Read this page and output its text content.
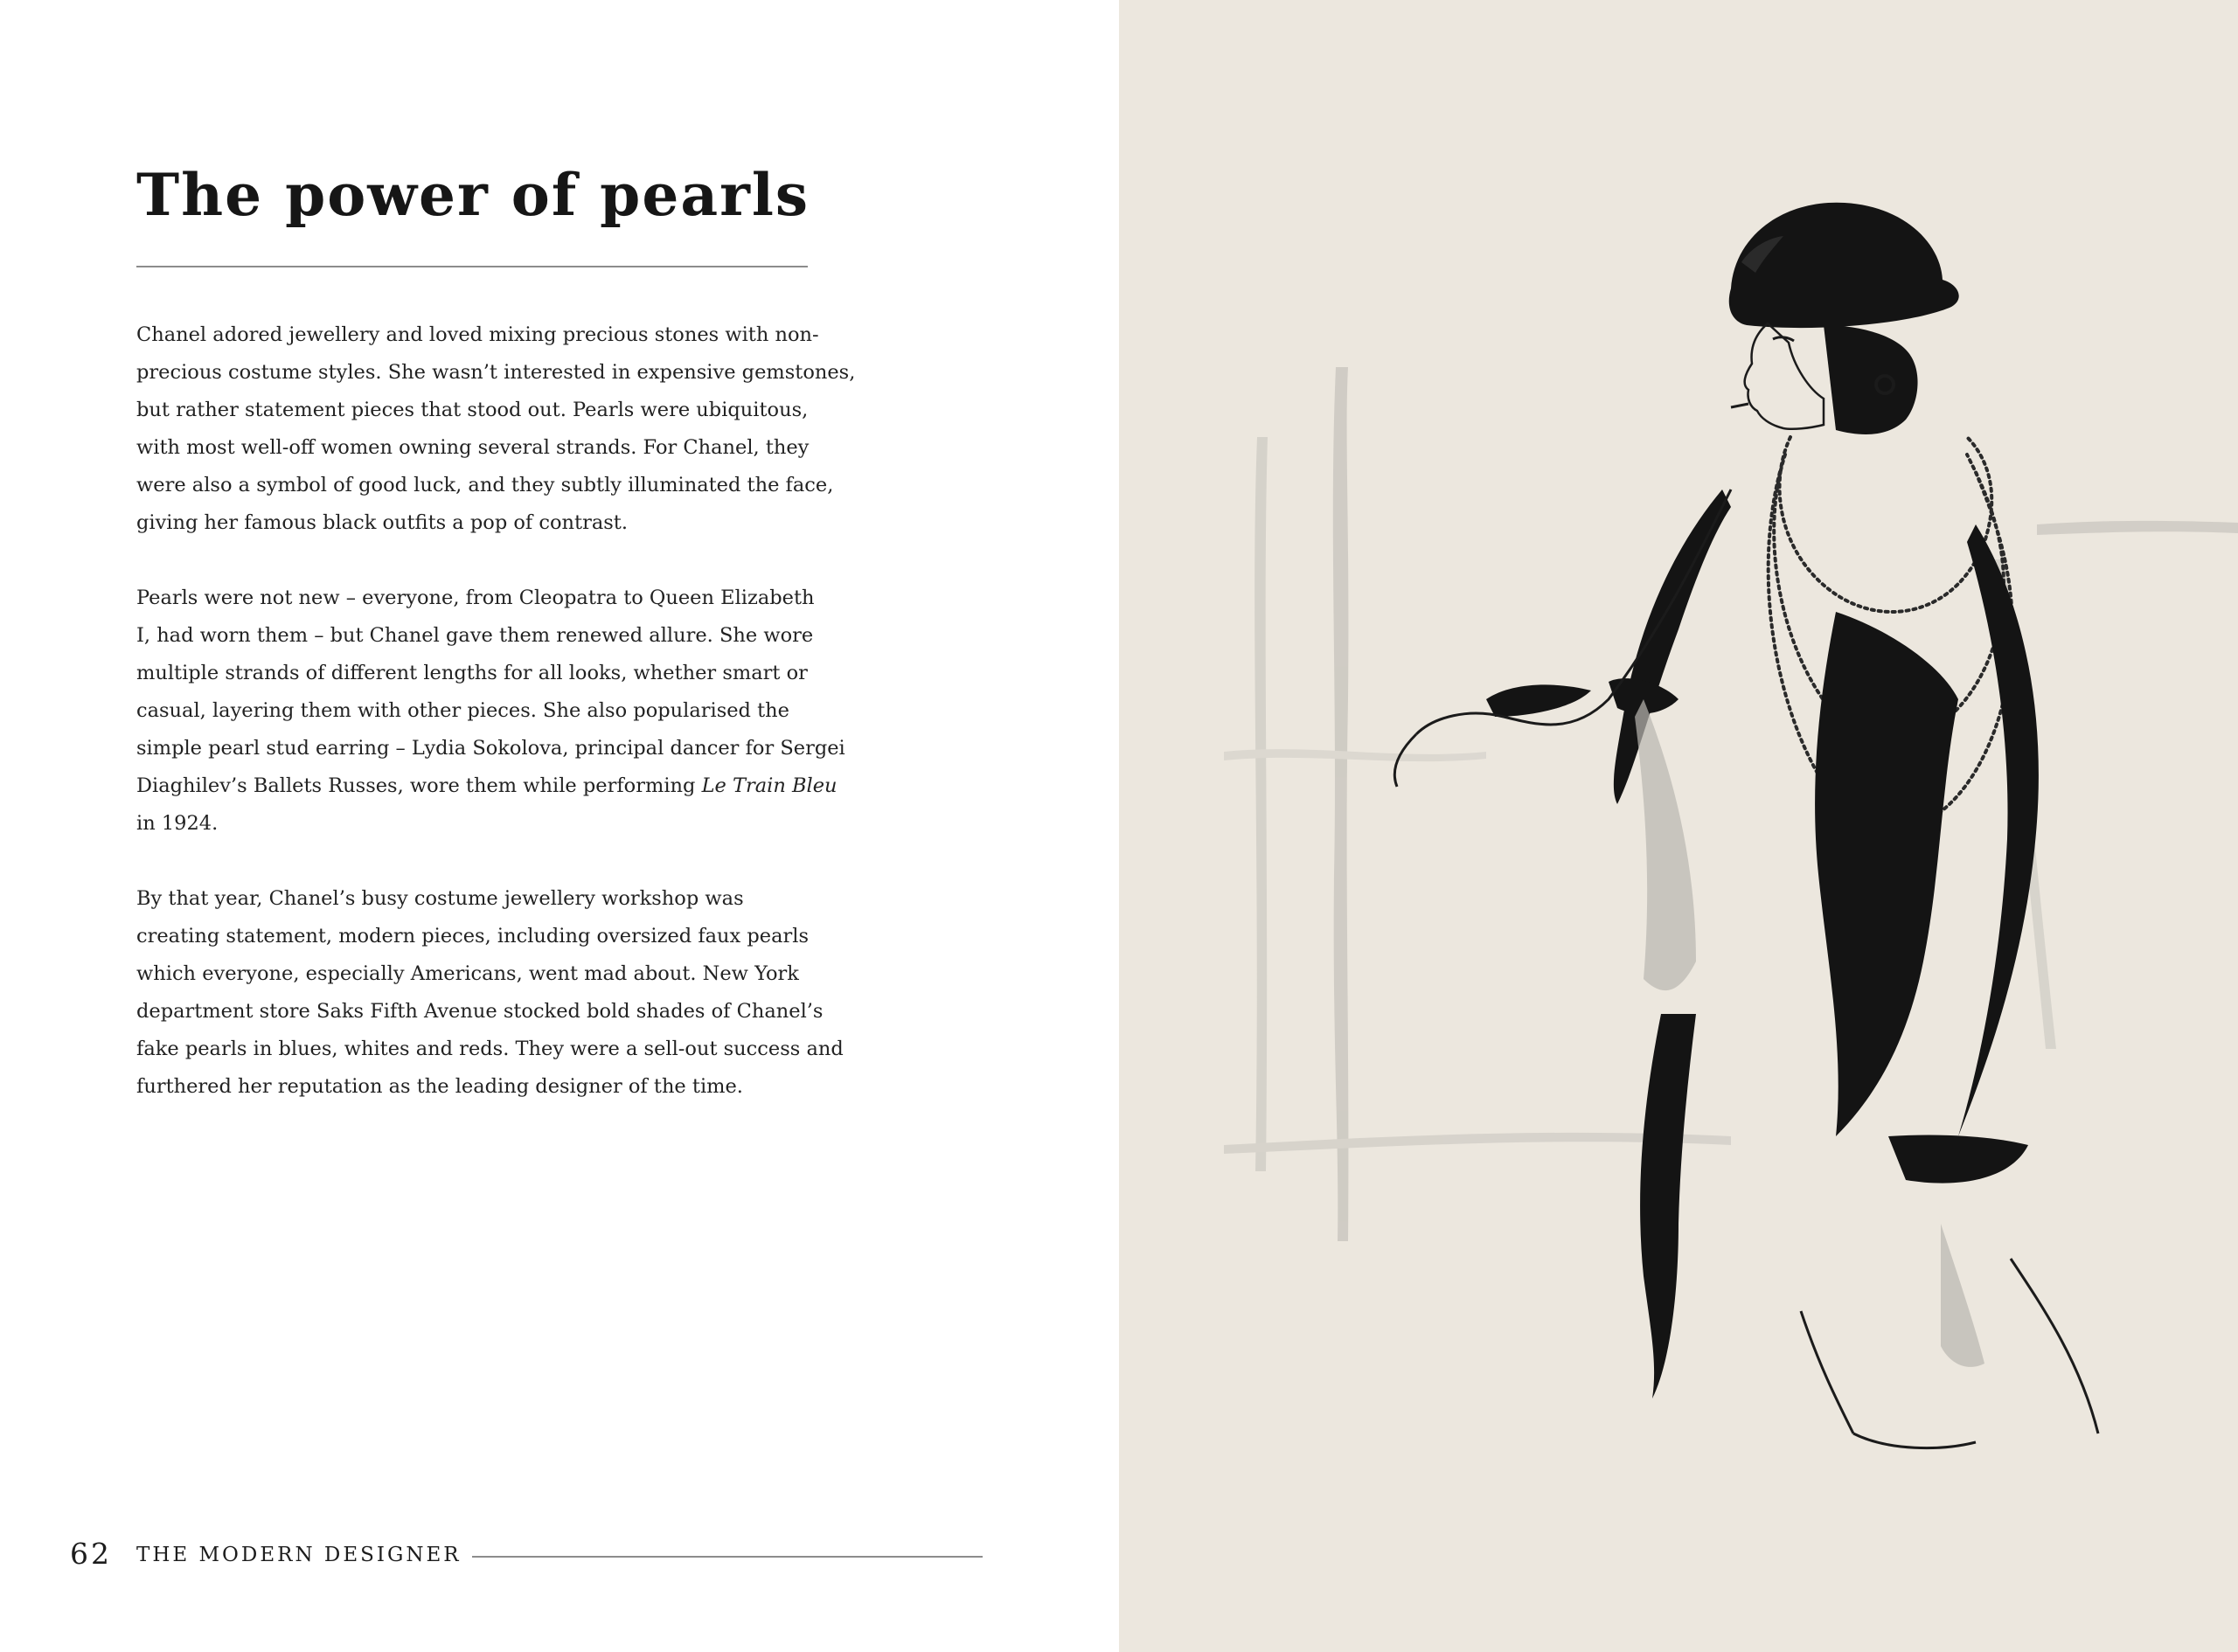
The power of pearls

Chanel adored jewellery and loved mixing precious stones with non-
precious costume styles. She wasn’t interested in expensive gemstones,
but rather statement pieces that stood out. Pearls were ubiquitous,
with most well-off women owning several strands. For Chanel, they
were also a symbol of good luck, and they subtly illuminated the face,
giving her famous black outfits a pop of contrast.

Pearls were not new – everyone, from Cleopatra to Queen Elizabeth
I, had worn them – but Chanel gave them renewed allure. She wore
multiple strands of different lengths for all looks, whether smart or
casual, layering them with other pieces. She also popularised the
simple pearl stud earring – Lydia Sokolova, principal dancer for Sergei
Diaghilev’s Ballets Russes, wore them while performing Le Train Bleu
in 1924.

By that year, Chanel’s busy costume jewellery workshop was
creating statement, modern pieces, including oversized faux pearls
which everyone, especially Americans, went mad about. New York
department store Saks Fifth Avenue stocked bold shades of Chanel’s
fake pearls in blues, whites and reds. They were a sell-out success and
furthered her reputation as the leading designer of the time.

62 THE MODERN DESIGNER
